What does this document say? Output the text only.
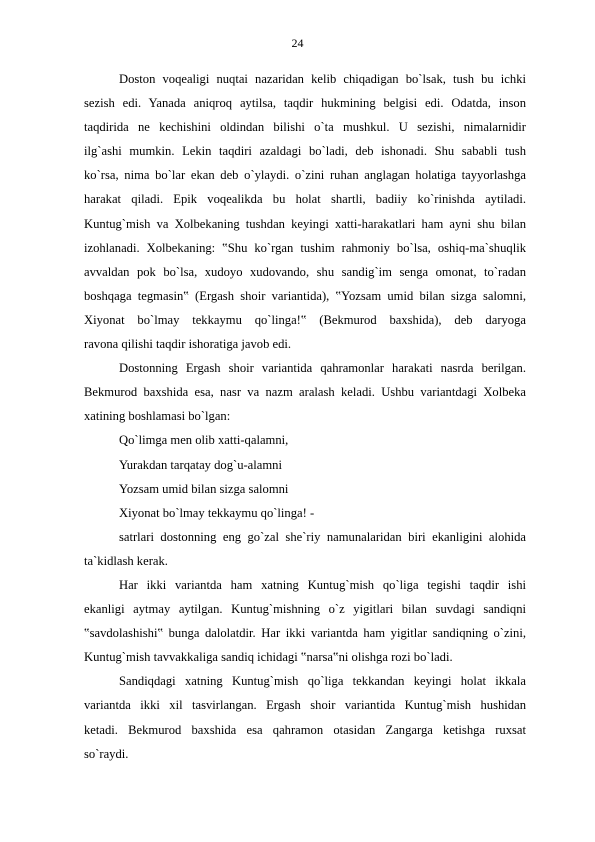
24
Doston voqealigi nuqtai nazaridan kelib chiqadigan bo`lsak, tush bu ichki
sezish edi. Yanada aniqroq aytilsa, taqdir hukmining belgisi edi. Odatda, inson
taqdirida ne kechishini oldindan bilishi o`ta mushkul. U sezishi, nimalarnidir
ilg`ashi mumkin. Lekin taqdiri azaldagi bo`ladi, deb ishonadi. Shu sababli tush
ko`rsa, nima bo`lar ekan deb o`ylaydi. o`zini ruhan anglagan holatiga tayyorlashga
harakat qiladi. Epik voqealikda bu holat shartli, badiiy ko`rinishda aytiladi.
Kuntug`mish va Xolbekaning tushdan keyingi xatti-harakatlari ham ayni shu bilan
izohlanadi. Xolbekaning: ‟Shu ko`rgan tushim rahmoniy bo`lsa, oshiq-ma`shuqlik
avvaldan pok bo`lsa, xudoyo xudovando, shu sandig`im senga omonat, to`radan
boshqaga tegmasin‟ (Ergash shoir variantida), ‟Yozsam umid bilan sizga salomni,
Xiyonat bo`lmay tekkaymu qo`linga!‟ (Bekmurod baxshida), deb daryoga
ravona qilishi taqdir ishoratiga javob edi.
Dostonning Ergash shoir variantida qahramonlar harakati nasrda berilgan.
Bekmurod baxshida esa, nasr va nazm aralash keladi. Ushbu variantdagi Xolbeka
xatining boshlamasi bo`lgan:
Qo`limga men olib xatti-qalamni,
Yurakdan tarqatay dog`u-alamni
Yozsam umid bilan sizga salomni
Xiyonat bo`lmay tekkaymu qo`linga! -
satrlari dostonning eng go`zal she`riy namunalaridan biri ekanligini alohida
ta`kidlash kerak.
Har ikki variantda ham xatning Kuntug`mish qo`liga tegishi taqdir ishi
ekanligi aytmay aytilgan. Kuntug`mishning o`z yigitlari bilan suvdagi sandiqni
‟savdolashishi‟ bunga dalolatdir. Har ikki variantda ham yigitlar sandiqning o`zini,
Kuntug`mish tavvakkaliga sandiq ichidagi ‟narsa‟ni olishga rozi bo`ladi.
Sandiqdagi xatning Kuntug`mish qo`liga tekkandan keyingi holat ikkala
variantda ikki xil tasvirlangan. Ergash shoir variantida Kuntug`mish hushidan
ketadi. Bekmurod baxshida esa qahramon otasidan Zangarga ketishga ruxsat
so`raydi.
